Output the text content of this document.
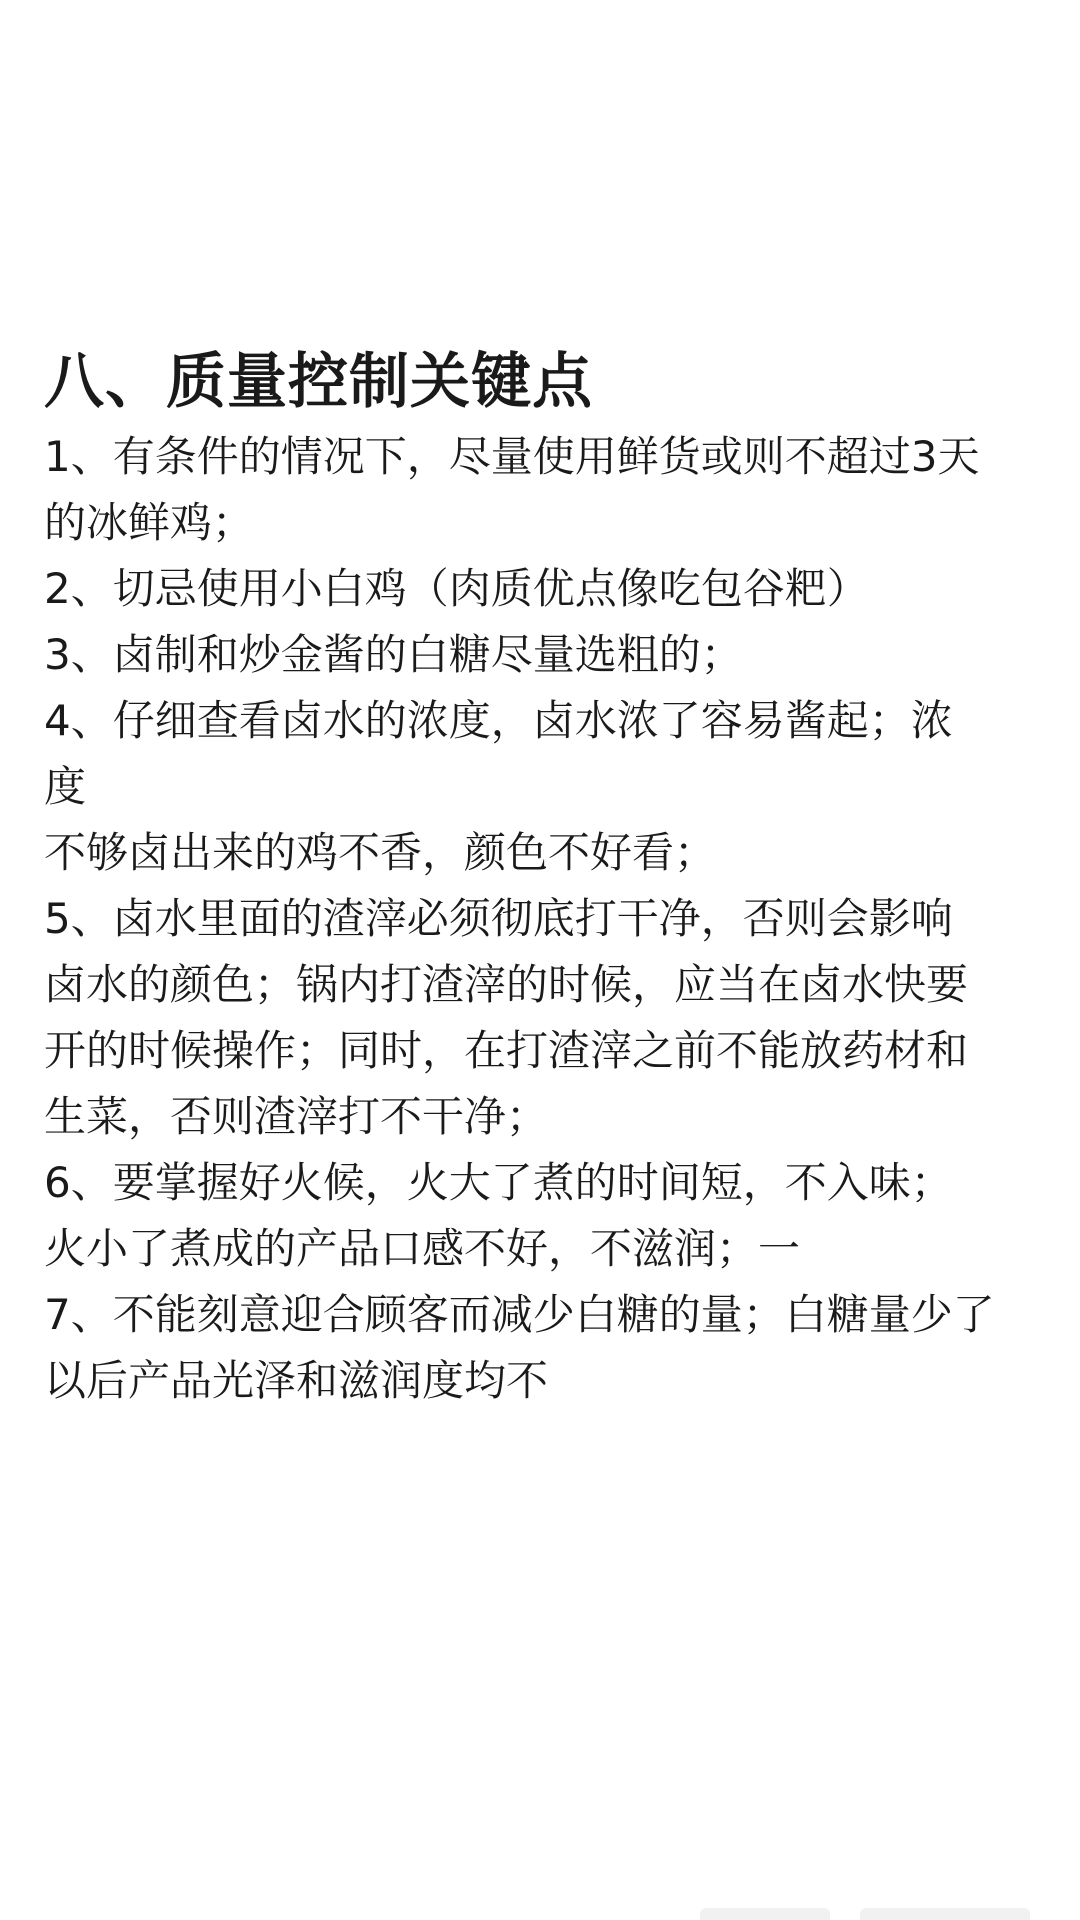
八、质量控制关键点

1、有条件的情况下，尽量使用鲜货或则不超过3天

的冰鲜鸡；

2、切忌使用小白鸡（肉质优点像吃包谷粑）

3、卤制和炒金酱的白糖尽量选粗的；

4、仔细查看卤水的浓度，卤水浓了容易酱起；浓

度

不够卤出来的鸡不香，颜色不好看；

5、卤水里面的渣滓必须彻底打干净，否则会影响

卤水的颜色；锅内打渣滓的时候，应当在卤水快要

开的时候操作；同时，在打渣滓之前不能放药材和

生菜，否则渣滓打不干净；

6、要掌握好火候，火大了煮的时间短，不入味；

火小了煮成的产品口感不好，不滋润；一

7、不能刻意迎合顾客而减少白糖的量；白糖量少了

以后产品光泽和滋润度均不
